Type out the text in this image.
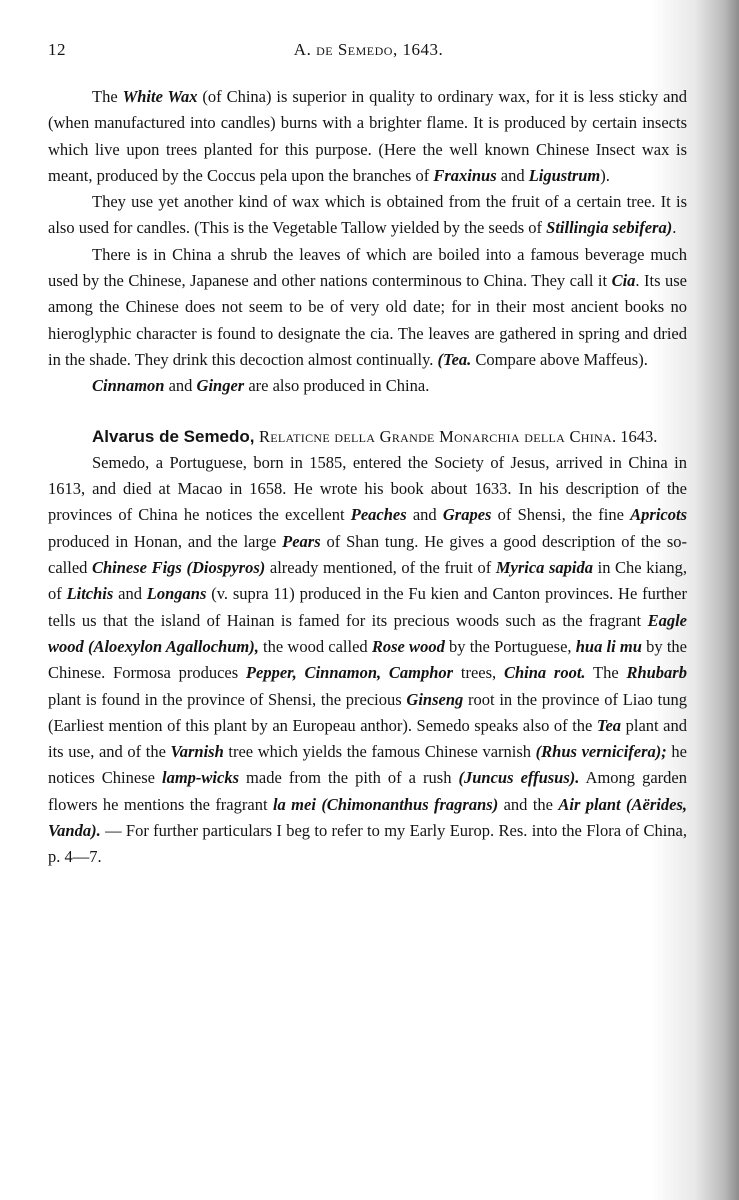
12	A. de Semedo, 1643.

The White Wax (of China) is superior in quality to ordinary wax, for it is less sticky and (when manufactured into candles) burns with a brighter flame. It is produced by certain insects which live upon trees planted for this purpose. (Here the well known Chinese Insect wax is meant, produced by the Coccus pela upon the branches of Fraxinus and Ligustrum).

They use yet another kind of wax which is obtained from the fruit of a certain tree. It is also used for candles. (This is the Vegetable Tallow yielded by the seeds of Stillingia sebifera).

There is in China a shrub the leaves of which are boiled into a famous beverage much used by the Chinese, Japanese and other nations conterminous to China. They call it Cia. Its use among the Chinese does not seem to be of very old date; for in their most ancient books no hieroglyphic character is found to designate the cia. The leaves are gathered in spring and dried in the shade. They drink this decoction almost continually. (Tea. Compare above Maffeus).

Cinnamon and Ginger are also produced in China.

Alvarus de Semedo, Relaticne della Grande Monarchia della China. 1643.

Semedo, a Portuguese, born in 1585, entered the Society of Jesus, arrived in China in 1613, and died at Macao in 1658. He wrote his book about 1633. In his description of the provinces of China he notices the excellent Peaches and Grapes of Shensi, the fine Apricots produced in Honan, and the large Pears of Shan tung. He gives a good description of the so-called Chinese Figs (Diospyros) already mentioned, of the fruit of Myrica sapida in Che kiang, of Litchis and Longans (v. supra 11) produced in the Fu kien and Canton provinces. He further tells us that the island of Hainan is famed for its precious woods such as the fragrant Eagle wood (Aloexylon Agallochum), the wood called Rose wood by the Portuguese, hua li mu by the Chinese. Formosa produces Pepper, Cinnamon, Camphor trees, China root. The Rhubarb plant is found in the province of Shensi, the precious Ginseng root in the province of Liao tung (Earliest mention of this plant by an Europeau anthor). Semedo speaks also of the Tea plant and its use, and of the Varnish tree which yields the famous Chinese varnish (Rhus vernicifera); he notices Chinese lamp-wicks made from the pith of a rush (Juncus effusus). Among garden flowers he mentions the fragrant la mei (Chimonanthus fragrans) and the Air plant (Aërides, Vanda). — For further particulars I beg to refer to my Early Europ. Res. into the Flora of China, p. 4—7.
